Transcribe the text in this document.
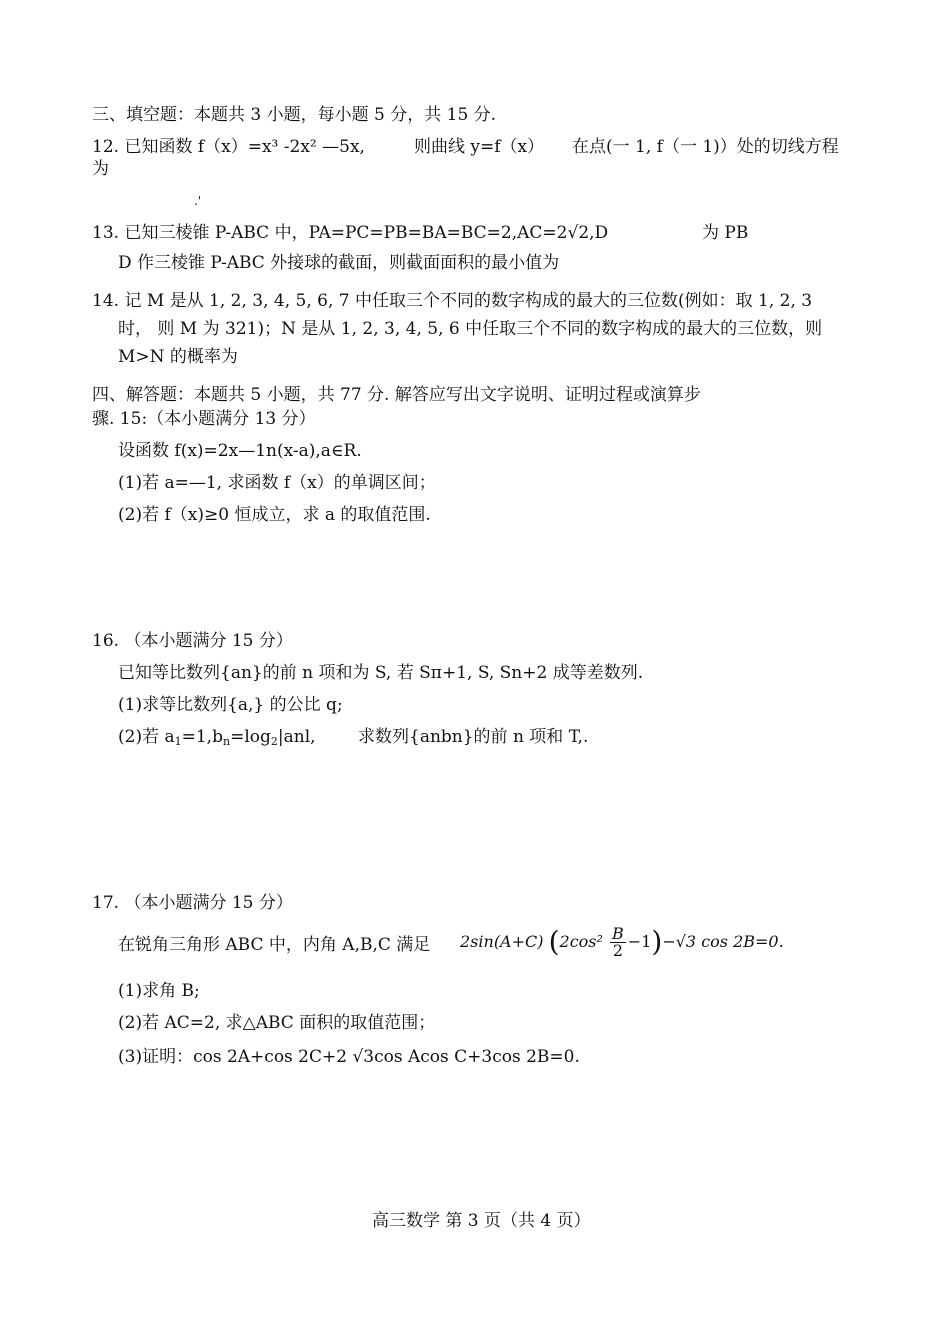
三、填空题：本题共 3 小题，每小题 5 分，共 15 分.
12. 已知函数 f（x）=x³ -2x² —5x,	则曲线 y=f（x） 在点(一 1, f（一 1)）处的切线方程
为
.'
13. 已知三棱锥 P-ABC 中，PA=PC=PB=BA=BC=2,AC=2√2,D	为 PB
D 作三棱锥 P-ABC 外接球的截面，则截面面积的最小值为
14. 记 M 是从 1, 2, 3, 4, 5, 6, 7 中任取三个不同的数字构成的最大的三位数(例如：取 1, 2, 3
时， 则 M 为 321)；N 是从 1, 2, 3, 4, 5, 6 中任取三个不同的数字构成的最大的三位数，则
M>N 的概率为
四、解答题：本题共 5 小题，共 77 分. 解答应写出文字说明、证明过程或演算步
骤. 15:（本小题满分 13 分）
设函数 f(x)=2x—1n(x-a),a∈R.
(1)若 a=—1, 求函数 f（x）的单调区间；
(2)若 f（x)≥0 恒成立，求 a 的取值范围.
16. （本小题满分 15 分）
已知等比数列{an}的前 n 项和为 S, 若 Sπ+1, S, Sn+2 成等差数列.
(1)求等比数列{a,} 的公比 q;
(2)若 $a_1=1,b_n=\log_2|anl$, 求数列{anbn}的前 n 项和 T,.
17. （本小题满分 15 分）
在锐角三角形 ABC 中，内角 A,B,C 满足 2sin(A+C) $(2\cos^2 \frac{B}{2} -1)-√3$ cos 2B=0.
(1)求角 B;
(2)若 AC=2, 求△ABC 面积的取值范围；
(3)证明：cos 2A+cos 2C+2 √3cos Acos C+3cos 2B=0.
高三数学 第 3 页（共 4 页）
